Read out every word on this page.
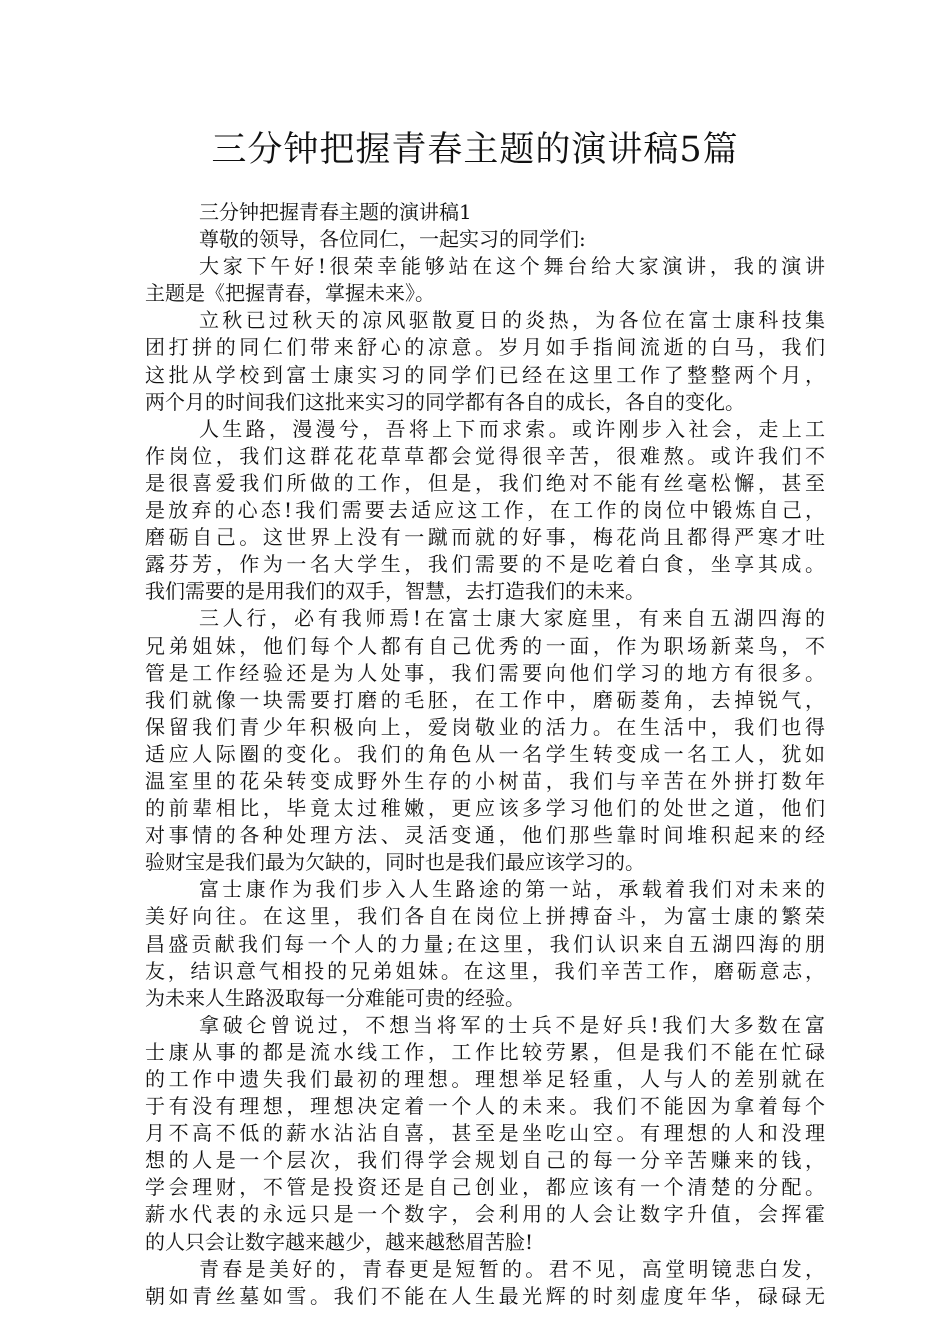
三分钟把握青春主题的演讲稿5篇
三分钟把握青春主题的演讲稿1
尊敬的领导，各位同仁，一起实习的同学们:
大家下午好!很荣幸能够站在这个舞台给大家演讲，我的演讲
主题是《把握青春，掌握未来》。
立秋已过秋天的凉风驱散夏日的炎热，为各位在富士康科技集
团打拼的同仁们带来舒心的凉意。岁月如手指间流逝的白马，我们
这批从学校到富士康实习的同学们已经在这里工作了整整两个月，
两个月的时间我们这批来实习的同学都有各自的成长，各自的变化。
人生路，漫漫兮，吾将上下而求索。或许刚步入社会，走上工
作岗位，我们这群花花草草都会觉得很辛苦，很难熬。或许我们不
是很喜爱我们所做的工作，但是，我们绝对不能有丝毫松懈，甚至
是放弃的心态!我们需要去适应这工作，在工作的岗位中锻炼自己，
磨砺自己。这世界上没有一蹴而就的好事，梅花尚且都得严寒才吐
露芬芳，作为一名大学生，我们需要的不是吃着白食，坐享其成。
我们需要的是用我们的双手，智慧，去打造我们的未来。
三人行，必有我师焉!在富士康大家庭里，有来自五湖四海的
兄弟姐妹，他们每个人都有自己优秀的一面，作为职场新菜鸟，不
管是工作经验还是为人处事，我们需要向他们学习的地方有很多。
我们就像一块需要打磨的毛胚，在工作中，磨砺菱角，去掉锐气，
保留我们青少年积极向上，爱岗敬业的活力。在生活中，我们也得
适应人际圈的变化。我们的角色从一名学生转变成一名工人，犹如
温室里的花朵转变成野外生存的小树苗，我们与辛苦在外拼打数年
的前辈相比，毕竟太过稚嫩，更应该多学习他们的处世之道，他们
对事情的各种处理方法、灵活变通，他们那些靠时间堆积起来的经
验财宝是我们最为欠缺的，同时也是我们最应该学习的。
富士康作为我们步入人生路途的第一站，承载着我们对未来的
美好向往。在这里，我们各自在岗位上拼搏奋斗，为富士康的繁荣
昌盛贡献我们每一个人的力量;在这里，我们认识来自五湖四海的朋
友，结识意气相投的兄弟姐妹。在这里，我们辛苦工作，磨砺意志，
为未来人生路汲取每一分难能可贵的经验。
拿破仑曾说过，不想当将军的士兵不是好兵!我们大多数在富
士康从事的都是流水线工作，工作比较劳累，但是我们不能在忙碌
的工作中遗失我们最初的理想。理想举足轻重，人与人的差别就在
于有没有理想，理想决定着一个人的未来。我们不能因为拿着每个
月不高不低的薪水沾沾自喜，甚至是坐吃山空。有理想的人和没理
想的人是一个层次，我们得学会规划自己的每一分辛苦赚来的钱，
学会理财，不管是投资还是自己创业，都应该有一个清楚的分配。
薪水代表的永远只是一个数字，会利用的人会让数字升值，会挥霍
的人只会让数字越来越少，越来越愁眉苦脸!
青春是美好的，青春更是短暂的。君不见，高堂明镜悲白发，
朝如青丝墓如雪。我们不能在人生最光辉的时刻虚度年华，碌碌无
